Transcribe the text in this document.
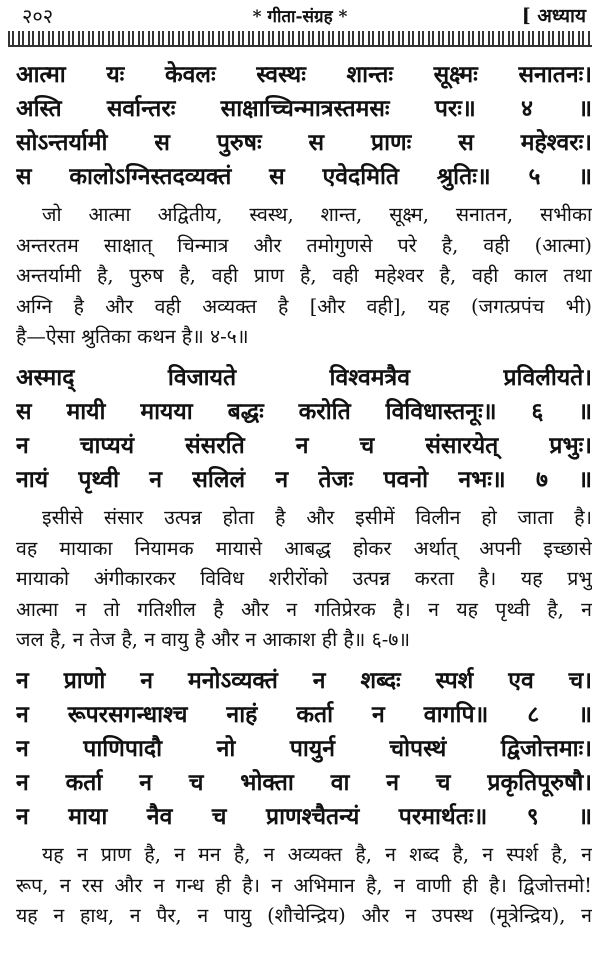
२०२	* गीता-संग्रह *	[ अध्याय
आत्मा यः केवलः स्वस्थः शान्तः सूक्ष्मः सनातनः।
अस्ति सर्वान्तरः साक्षाच्चिन्मात्रस्तमसः परः॥ ४ ॥
सोऽन्तर्यामी स पुरुषः स प्राणः स महेश्वरः।
स कालोऽग्निस्तदव्यक्तं स एवेदमिति श्रुतिः॥ ५ ॥
जो आत्मा अद्वितीय, स्वस्थ, शान्त, सूक्ष्म, सनातन, सभीका
अन्तरतम साक्षात् चिन्मात्र और तमोगुणसे परे है, वही (आत्मा)
अन्तर्यामी है, पुरुष है, वही प्राण है, वही महेश्वर है, वही काल तथा
अग्नि है और वही अव्यक्त है [और वही], यह (जगत्प्रपंच भी)
है—ऐसा श्रुतिका कथन है॥ ४-५॥
अस्माद् विजायते विश्वमत्रैव प्रविलीयते।
स मायी मायया बद्धः करोति विविधास्तनूः॥ ६ ॥
न चाप्ययं संसरति न च संसारयेत् प्रभुः।
नायं पृथ्वी न सलिलं न तेजः पवनो नभः॥ ७ ॥
इसीसे संसार उत्पन्न होता है और इसीमें विलीन हो जाता है।
वह मायाका नियामक मायासे आबद्ध होकर अर्थात् अपनी इच्छासे
मायाको अंगीकारकर विविध शरीरोंको उत्पन्न करता है। यह प्रभु
आत्मा न तो गतिशील है और न गतिप्रेरक है। न यह पृथ्वी है, न
जल है, न तेज है, न वायु है और न आकाश ही है॥ ६-७॥
न प्राणो न मनोऽव्यक्तं न शब्दः स्पर्श एव च।
न रूपरसगन्धाश्च नाहं कर्ता न वागपि॥ ८ ॥
न पाणिपादौ नो पायुर्न चोपस्थं द्विजोत्तमाः।
न कर्ता न च भोक्ता वा न च प्रकृतिपूरुषौ।
न माया नैव च प्राणश्चैतन्यं परमार्थतः॥ ९ ॥
यह न प्राण है, न मन है, न अव्यक्त है, न शब्द है, न स्पर्श है, न
रूप, न रस और न गन्ध ही है। न अभिमान है, न वाणी ही है। द्विजोत्तमो!
यह न हाथ, न पैर, न पायु (शौचेन्द्रिय) और न उपस्थ (मूत्रेन्द्रिय), न
